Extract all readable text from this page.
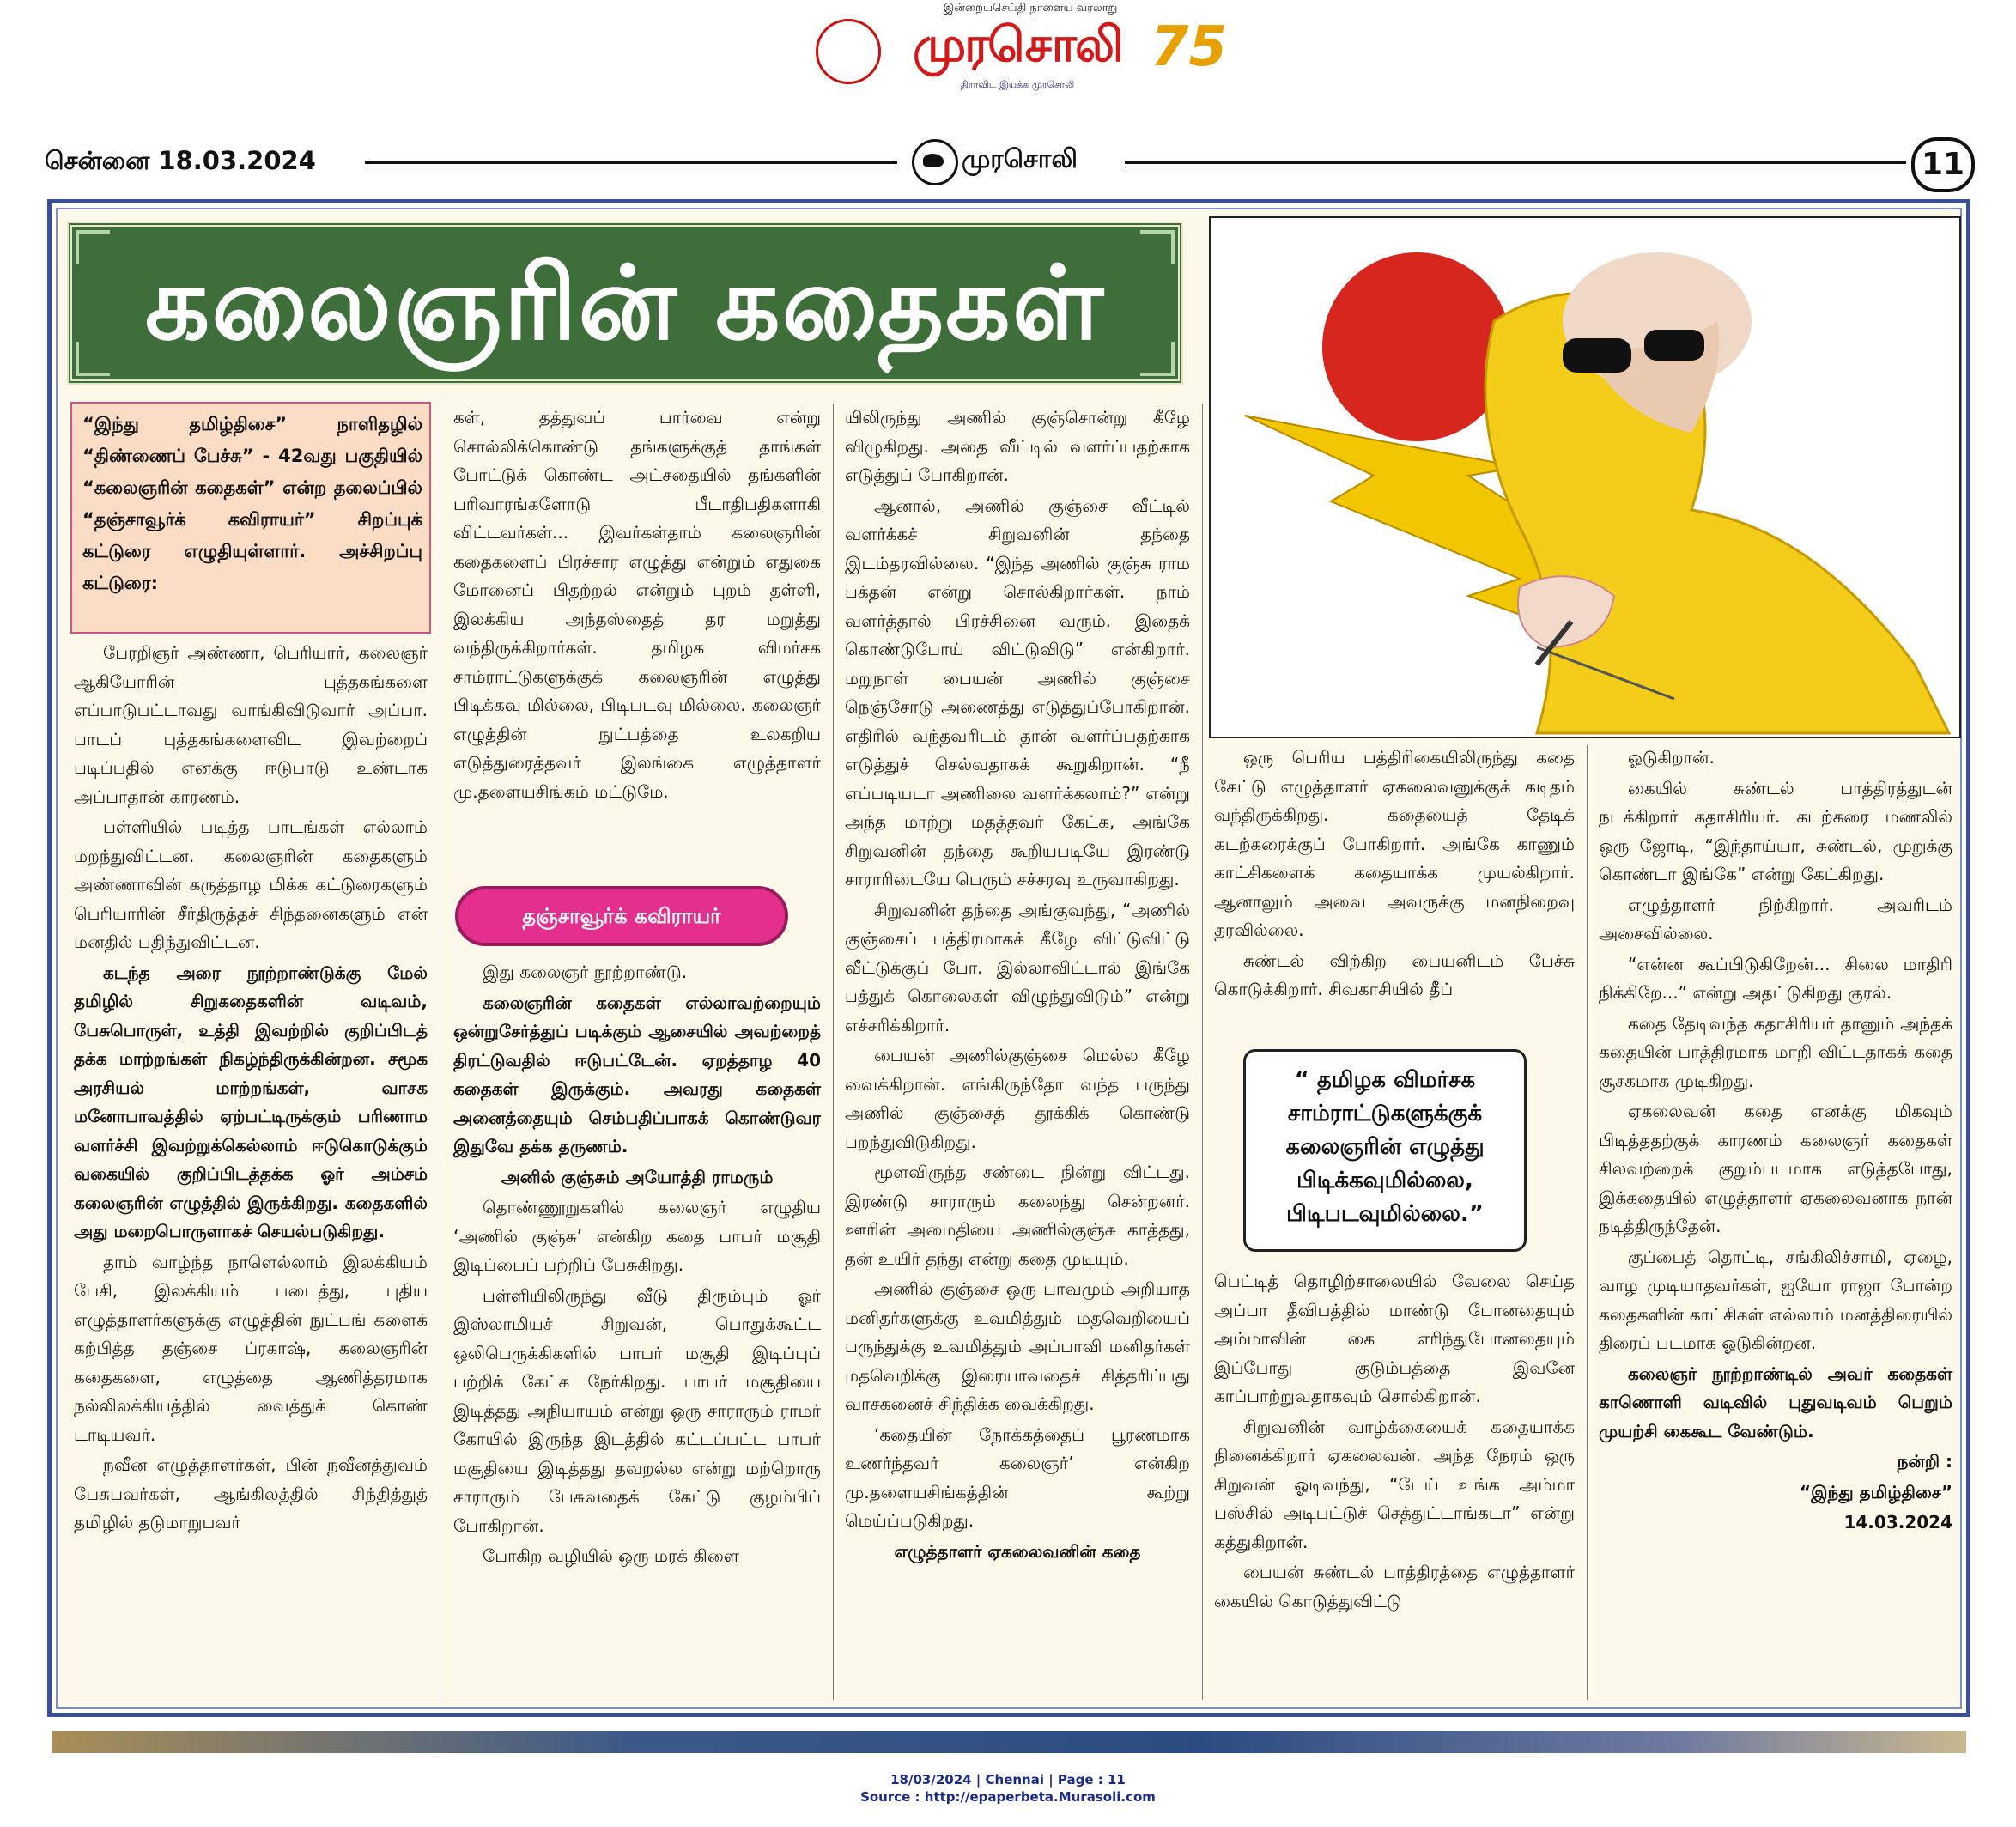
இன்றையசெய்தி நாளைய வரலாறு
முரசொலி 75
திராவிட இயக்க முரசொலி
சென்னை 18.03.2024	முரசொலி	11
கலைஞரின் கதைகள்
“இந்து தமிழ்திசை” நாளிதழில் “திண்ணைப் பேச்சு” - 42வது பகுதியில் “கலைஞரின் கதைகள்” என்ற தலைப்பில் “தஞ்சாவூர்க் கவிராயர்” சிறப்புக் கட்டுரை எழுதியுள்ளார். அச்சிறப்பு கட்டுரை:

பேரறிஞர் அண்ணா, பெரியார், கலைஞர் ஆகியோரின் புத்தகங்களை எப்பாடுபட்டாவது வாங்கிவிடுவார் அப்பா. பாடப் புத்தகங்களைவிட இவற்றைப் படிப்பதில் எனக்கு ஈடுபாடு உண்டாக அப்பாதான் காரணம்.

பள்ளியில் படித்த பாடங்கள் எல்லாம் மறந்துவிட்டன. கலைஞரின் கதைகளும் அண்ணாவின் கருத்தாழ மிக்க கட்டுரைகளும் பெரியாரின் சீர்திருத்தச் சிந்தனைகளும் என் மனதில் பதிந்துவிட்டன.

கடந்த அரை நூற்றாண்டுக்கு மேல் தமிழில் சிறுகதைகளின் வடிவம், பேசுபொருள், உத்தி இவற்றில் குறிப்பிடத் தக்க மாற்றங்கள் நிகழ்ந்திருக்கின்றன. சமூக அரசியல் மாற்றங்கள், வாசக மனோபாவத்தில் ஏற்பட்டிருக்கும் பரிணாம வளர்ச்சி இவற்றுக்கெல்லாம் ஈடுகொடுக்கும் வகையில் குறிப்பிடத்தக்க ஓர் அம்சம் கலைஞரின் எழுத்தில் இருக்கிறது. கதைகளில் அது மறைபொருளாகச் செயல்படுகிறது.

தாம் வாழ்ந்த நாளெல்லாம் இலக்கியம் பேசி, இலக்கியம் படைத்து, புதிய எழுத்தாளர்களுக்கு எழுத்தின் நுட்பங் களைக் கற்பித்த தஞ்சை ப்ரகாஷ், கலைஞரின் கதைகளை, எழுத்தை ஆணித்தரமாக நல்லிலக்கியத்தில் வைத்துக் கொண் டாடியவர்.

நவீன எழுத்தாளர்கள், பின் நவீனத்துவம் பேசுபவர்கள், ஆங்கிலத்தில் சிந்தித்துத் தமிழில் தடுமாறுபவர்

கள், தத்துவப் பார்வை என்று சொல்லிக்கொண்டு தங்களுக்குத் தாங்கள் போட்டுக் கொண்ட அட்சதையில் தங்களின் பரிவாரங்களோடு பீடாதிபதிகளாகி விட்டவர்கள்... இவர்கள்தாம் கலைஞரின் கதைகளைப் பிரச்சார எழுத்து என்றும் எதுகை மோனைப் பிதற்றல் என்றும் புறம் தள்ளி, இலக்கிய அந்தஸ்தைத் தர மறுத்து வந்திருக்கிறார்கள். தமிழக விமர்சக சாம்ராட்டுகளுக்குக் கலைஞரின் எழுத்து பிடிக்கவு மில்லை, பிடிபடவு மில்லை. கலைஞர் எழுத்தின் நுட்பத்தை உலகறிய எடுத்துரைத்தவர் இலங்கை எழுத்தாளர் மு.தளையசிங்கம் மட்டுமே.

தஞ்சாவூர்க் கவிராயர்

இது கலைஞர் நூற்றாண்டு.

கலைஞரின் கதைகள் எல்லாவற்றையும் ஒன்றுசேர்த்துப் படிக்கும் ஆசையில் அவற்றைத் திரட்டுவதில் ஈடுபட்டேன். ஏறத்தாழ 40 கதைகள் இருக்கும். அவரது கதைகள் அனைத்தையும் செம்பதிப்பாகக் கொண்டுவர இதுவே தக்க தருணம்.

அனில் குஞ்சும் அயோத்தி ராமரும்

தொண்ணூறுகளில் கலைஞர் எழுதிய ‘அணில் குஞ்சு’ என்கிற கதை பாபர் மசூதி இடிப்பைப் பற்றிப் பேசுகிறது.

பள்ளியிலிருந்து வீடு திரும்பும் ஓர் இஸ்லாமியச் சிறுவன், பொதுக்கூட்ட ஒலிபெருக்கிகளில் பாபர் மசூதி இடிப்புப் பற்றிக் கேட்க நேர்கிறது. பாபர் மசூதியை இடித்தது அநியாயம் என்று ஒரு சாராரும் ராமர் கோயில் இருந்த இடத்தில் கட்டப்பட்ட பாபர் மசூதியை இடித்தது தவறல்ல என்று மற்றொரு சாராரும் பேசுவதைக் கேட்டு குழம்பிப் போகிறான்.

போகிற வழியில் ஒரு மரக் கிளை

யிலிருந்து அணில் குஞ்சொன்று கீழே விழுகிறது. அதை வீட்டில் வளர்ப்பதற்காக எடுத்துப் போகிறான்.

ஆனால், அணில் குஞ்சை வீட்டில் வளர்க்கச் சிறுவனின் தந்தை இடம்தரவில்லை. “இந்த அணில் குஞ்சு ராம பக்தன் என்று சொல்கிறார்கள். நாம் வளர்த்தால் பிரச்சினை வரும். இதைக் கொண்டுபோய் விட்டுவிடு” என்கிறார். மறுநாள் பையன் அணில் குஞ்சை நெஞ்சோடு அணைத்து எடுத்துப்போகிறான். எதிரில் வந்தவரிடம் தான் வளர்ப்பதற்காக எடுத்துச் செல்வதாகக் கூறுகிறான். “நீ எப்படியடா அணிலை வளர்க்கலாம்?” என்று அந்த மாற்று மதத்தவர் கேட்க, அங்கே சிறுவனின் தந்தை கூறியபடியே இரண்டு சாராரிடையே பெரும் சச்சரவு உருவாகிறது.

சிறுவனின் தந்தை அங்குவந்து, “அணில் குஞ்சைப் பத்திரமாகக் கீழே விட்டுவிட்டு வீட்டுக்குப் போ. இல்லாவிட்டால் இங்கே பத்துக் கொலைகள் விழுந்துவிடும்” என்று எச்சரிக்கிறார்.

பையன் அணில்குஞ்சை மெல்ல கீழே வைக்கிறான். எங்கிருந்தோ வந்த பருந்து அணில் குஞ்சைத் தூக்கிக் கொண்டு பறந்துவிடுகிறது.

மூளவிருந்த சண்டை நின்று விட்டது. இரண்டு சாராரும் கலைந்து சென்றனர். ஊரின் அமைதியை அணில்குஞ்சு காத்தது, தன் உயிர் தந்து என்று கதை முடியும்.

அணில் குஞ்சை ஒரு பாவமும் அறியாத மனிதர்களுக்கு உவமித்தும் மதவெறியைப் பருந்துக்கு உவமித்தும் அப்பாவி மனிதர்கள் மதவெறிக்கு இரையாவதைச் சித்தரிப்பது வாசகனைச் சிந்திக்க வைக்கிறது.

‘கதையின் நோக்கத்தைப் பூரணமாக உணர்ந்தவர் கலைஞர்’ என்கிற மு.தளையசிங்கத்தின் கூற்று மெய்ப்படுகிறது.

எழுத்தாளர் ஏகலைவனின் கதை

ஒரு பெரிய பத்திரிகையிலிருந்து கதை கேட்டு எழுத்தாளர் ஏகலைவனுக்குக் கடிதம் வந்திருக்கிறது. கதையைத் தேடிக் கடற்கரைக்குப் போகிறார். அங்கே காணும் காட்சிகளைக் கதையாக்க முயல்கிறார். ஆனாலும் அவை அவருக்கு மனநிறைவு தரவில்லை.

சுண்டல் விற்கிற பையனிடம் பேச்சு கொடுக்கிறார். சிவகாசியில் தீப்

“ தமிழக விமர்சக சாம்ராட்டுகளுக்குக் கலைஞரின் எழுத்து பிடிக்கவுமில்லை, பிடிபடவுமில்லை.”

பெட்டித் தொழிற்சாலையில் வேலை செய்த அப்பா தீவிபத்தில் மாண்டு போனதையும் அம்மாவின் கை எரிந்துபோனதையும் இப்போது குடும்பத்தை இவனே காப்பாற்றுவதாகவும் சொல்கிறான்.

சிறுவனின் வாழ்க்கையைக் கதையாக்க நினைக்கிறார் ஏகலைவன். அந்த நேரம் ஒரு சிறுவன் ஓடிவந்து, “டேய் உங்க அம்மா பஸ்சில் அடிபட்டுச் செத்துட்டாங்கடா” என்று கத்துகிறான்.

பையன் சுண்டல் பாத்திரத்தை எழுத்தாளர் கையில் கொடுத்துவிட்டு

ஓடுகிறான்.

கையில் சுண்டல் பாத்திரத்துடன் நடக்கிறார் கதாசிரியர். கடற்கரை மணலில் ஒரு ஜோடி, “இந்தாய்யா, சுண்டல், முறுக்கு கொண்டா இங்கே” என்று கேட்கிறது.

எழுத்தாளர் நிற்கிறார். அவரிடம் அசைவில்லை.

“என்ன கூப்பிடுகிறேன்... சிலை மாதிரி நிக்கிறே...” என்று அதட்டுகிறது குரல்.

கதை தேடிவந்த கதாசிரியர் தானும் அந்தக் கதையின் பாத்திரமாக மாறி விட்டதாகக் கதை சூசகமாக முடிகிறது.

ஏகலைவன் கதை எனக்கு மிகவும் பிடித்ததற்குக் காரணம் கலைஞர் கதைகள் சிலவற்றைக் குறும்படமாக எடுத்தபோது, இக்கதையில் எழுத்தாளர் ஏகலைவனாக நான் நடித்திருந்தேன்.

குப்பைத் தொட்டி, சங்கிலிச்சாமி, ஏழை, வாழ முடியாதவர்கள், ஐயோ ராஜா போன்ற கதைகளின் காட்சிகள் எல்லாம் மனத்திரையில் திரைப் படமாக ஓடுகின்றன.

கலைஞர் நூற்றாண்டில் அவர் கதைகள் காணொளி வடிவில் புதுவடிவம் பெறும் முயற்சி கைகூட வேண்டும்.

நன்றி :

“இந்து தமிழ்திசை”

14.03.2024

18/03/2024 | Chennai | Page : 11
Source : http://epaperbeta.Murasoli.com
